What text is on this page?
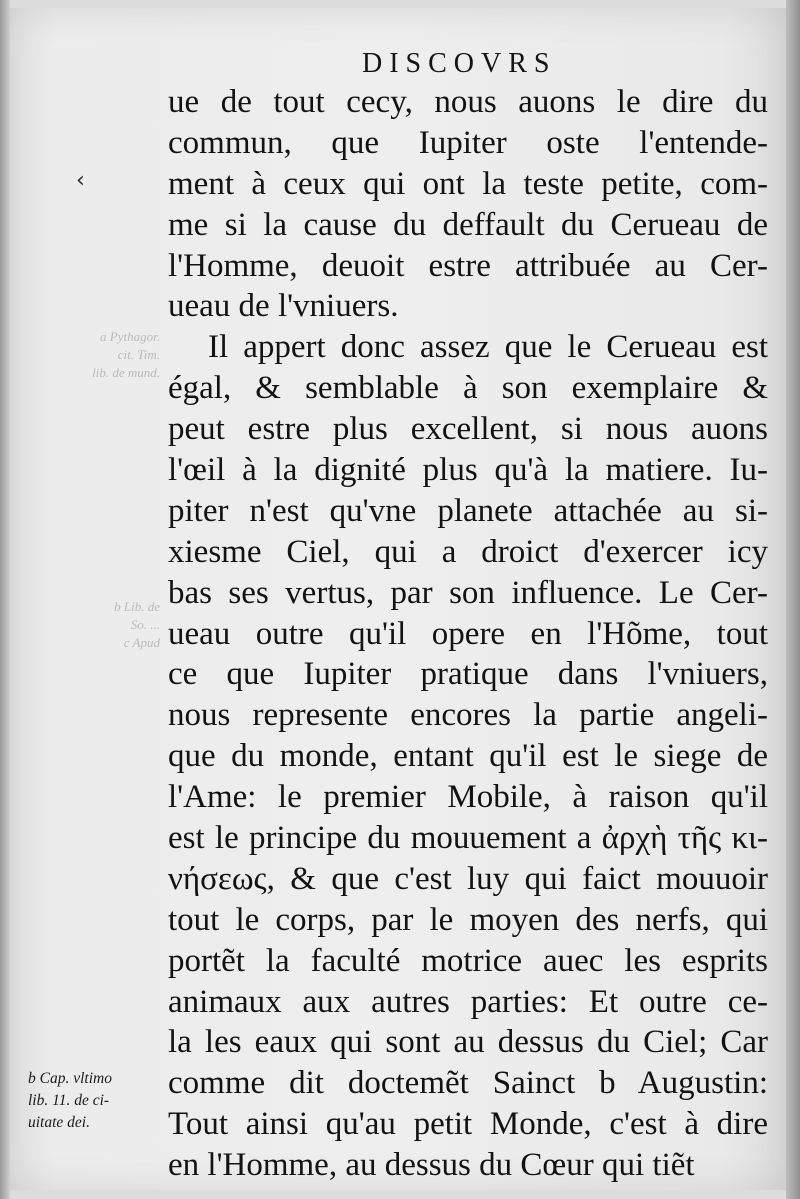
a Pythagor.
cit. Tim.
lib. de mund.

b Lib. de
So. ...
c Apud

‹
DISCOVRS
ue de tout cecy, nous auons le dire du
commun, que Iupiter oste l'entende-
ment à ceux qui ont la teste petite, com-
me si la cause du deffault du Cerueau de
l'Homme, deuoit estre attribuée au Cer-
ueau de l'vniuers.
Il appert donc assez que le Cerueau est
égal, & semblable à son exemplaire &
peut estre plus excellent, si nous auons
l'œil à la dignité plus qu'à la matiere. Iu-
piter n'est qu'vne planete attachée au si-
xiesme Ciel, qui a droict d'exercer icy
bas ses vertus, par son influence. Le Cer-
ueau outre qu'il opere en l'Hõme, tout
ce que Iupiter pratique dans l'vniuers,
nous represente encores la partie angeli-
que du monde, entant qu'il est le siege de
l'Ame: le premier Mobile, à raison qu'il
est le principe du mouuement a ἀρχὴ τῆς κι-
νήσεως, & que c'est luy qui faict mouuoir
tout le corps, par le moyen des nerfs, qui
portẽt la faculté motrice auec les esprits
animaux aux autres parties: Et outre ce-
la les eaux qui sont au dessus du Ciel; Car
comme dit doctemẽt Sainct b Augustin:
Tout ainsi qu'au petit Monde, c'est à dire
en l'Homme, au dessus du Cœur qui tiẽt
b Cap. vltimo
lib. 11. de ci-
uitate dei.
